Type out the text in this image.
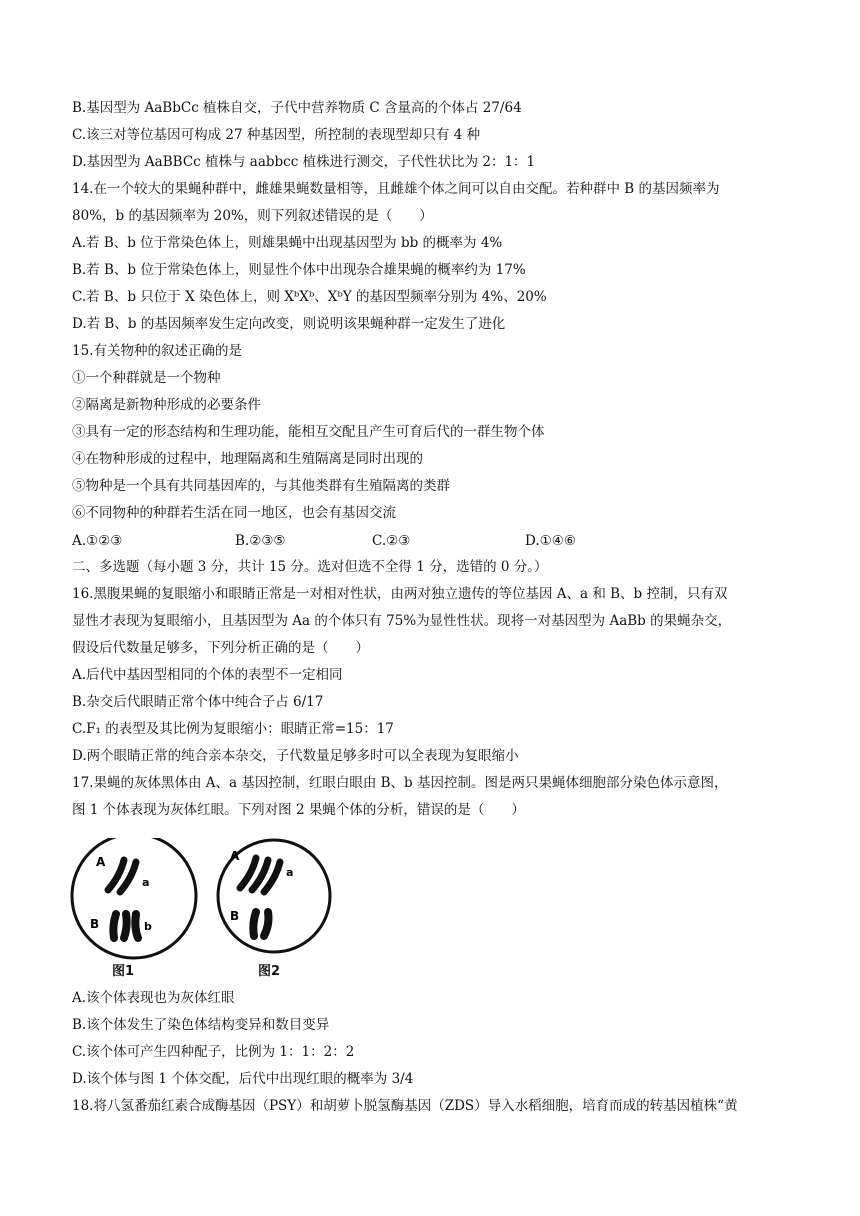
B.基因型为 AaBbCc 植株自交，子代中营养物质 C 含量高的个体占 27/64
C.该三对等位基因可构成 27 种基因型，所控制的表现型却只有 4 种
D.基因型为 AaBBCc 植株与 aabbcc 植株进行测交，子代性状比为 2：1：1
14.在一个较大的果蝇种群中，雌雄果蝇数量相等，且雌雄个体之间可以自由交配。若种群中 B 的基因频率为
80%，b 的基因频率为 20%，则下列叙述错误的是（　　）
A.若 B、b 位于常染色体上，则雄果蝇中出现基因型为 bb 的概率为 4%
B.若 B、b 位于常染色体上，则显性个体中出现杂合雄果蝇的概率约为 17%
C.若 B、b 只位于 X 染色体上，则 XᵇXᵇ、XᵇY 的基因型频率分别为 4%、20%
D.若 B、b 的基因频率发生定向改变，则说明该果蝇种群一定发生了进化
15.有关物种的叙述正确的是
①一个种群就是一个物种
②隔离是新物种形成的必要条件
③具有一定的形态结构和生理功能，能相互交配且产生可育后代的一群生物个体
④在物种形成的过程中，地理隔离和生殖隔离是同时出现的
⑤物种是一个具有共同基因库的，与其他类群有生殖隔离的类群
⑥不同物种的种群若生活在同一地区，也会有基因交流
A.①②③	B.②③⑤	C.②③	D.①④⑥
二、多选题（每小题 3 分，共计 15 分。选对但选不全得 1 分，选错的 0 分。）
16.黑腹果蝇的复眼缩小和眼睛正常是一对相对性状，由两对独立遗传的等位基因 A、a 和 B、b 控制，只有双
显性才表现为复眼缩小，且基因型为 Aa 的个体只有 75%为显性性状。现将一对基因型为 AaBb 的果蝇杂交，
假设后代数量足够多，下列分析正确的是（　　）
A.后代中基因型相同的个体的表型不一定相同
B.杂交后代眼睛正常个体中纯合子占 6/17
C.F₁ 的表型及其比例为复眼缩小：眼睛正常=15：17
D.两个眼睛正常的纯合亲本杂交，子代数量足够多时可以全表现为复眼缩小
17.果蝇的灰体黑体由 A、a 基因控制，红眼白眼由 B、b 基因控制。图是两只果蝇体细胞部分染色体示意图，
图 1 个体表现为灰体红眼。下列对图 2 果蝇个体的分析，错误的是（　　）
A
a
B	b
A
a
B
图1	图2
A.该个体表现也为灰体红眼
B.该个体发生了染色体结构变异和数目变异
C.该个体可产生四种配子，比例为 1：1：2：2
D.该个体与图 1 个体交配，后代中出现红眼的概率为 3/4
18.将八氢番茄红素合成酶基因（PSY）和胡萝卜脱氢酶基因（ZDS）导入水稻细胞，培育而成的转基因植株“黄
